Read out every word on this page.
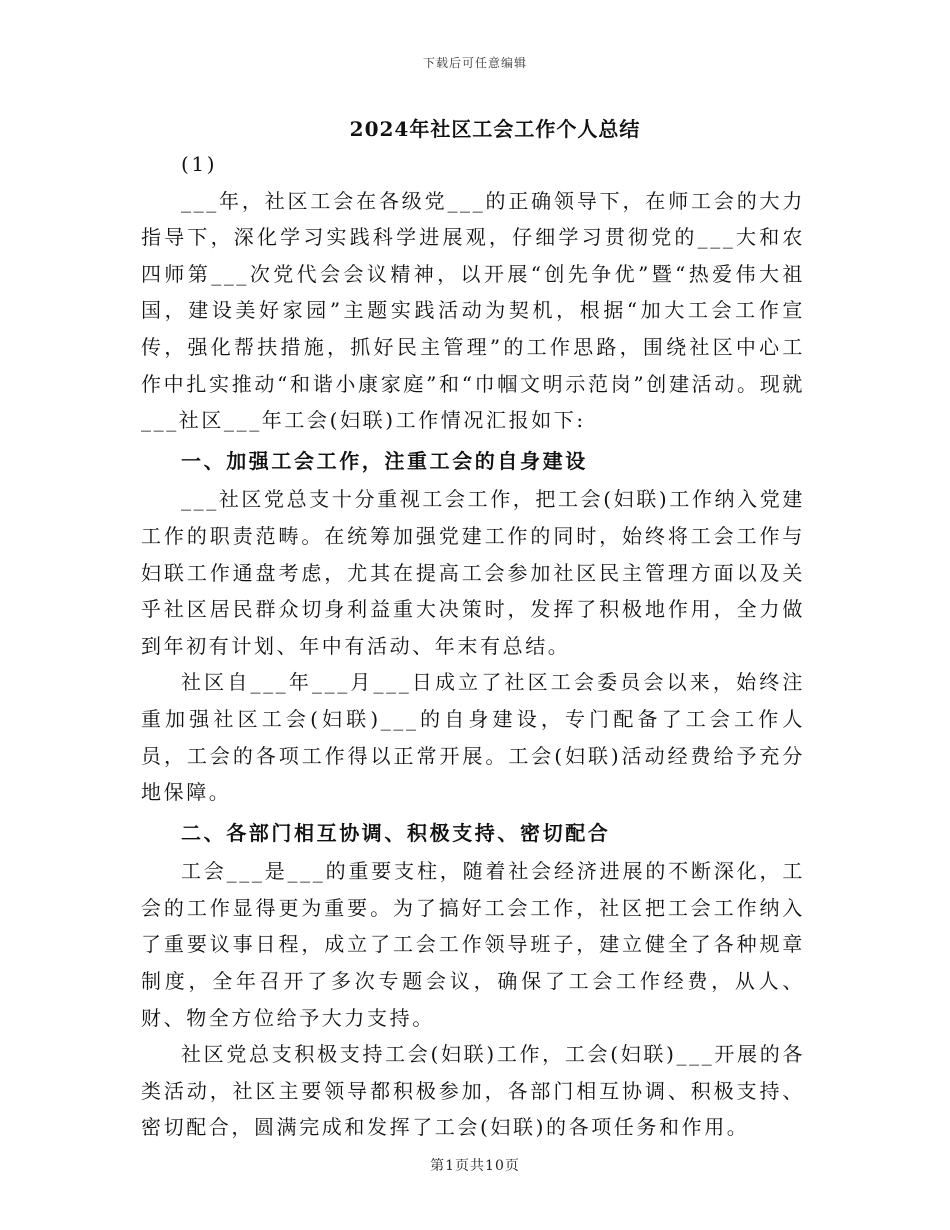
下载后可任意编辑
2024年社区工会工作个人总结

(1)

___年，社区工会在各级党___的正确领导下，在师工会的大力指导下，深化学习实践科学进展观，仔细学习贯彻党的___大和农四师第___次党代会会议精神，以开展“创先争优”暨“热爱伟大祖国，建设美好家园”主题实践活动为契机，根据“加大工会工作宣传，强化帮扶措施，抓好民主管理”的工作思路，围绕社区中心工作中扎实推动“和谐小康家庭”和“巾帼文明示范岗”创建活动。现就___社区___年工会(妇联)工作情况汇报如下:

一、加强工会工作，注重工会的自身建设

___社区党总支十分重视工会工作，把工会(妇联)工作纳入党建工作的职责范畴。在统筹加强党建工作的同时，始终将工会工作与妇联工作通盘考虑，尤其在提高工会参加社区民主管理方面以及关乎社区居民群众切身利益重大决策时，发挥了积极地作用，全力做到年初有计划、年中有活动、年末有总结。

社区自___年___月___日成立了社区工会委员会以来，始终注重加强社区工会(妇联)___的自身建设，专门配备了工会工作人员，工会的各项工作得以正常开展。工会(妇联)活动经费给予充分地保障。

二、各部门相互协调、积极支持、密切配合

工会___是___的重要支柱，随着社会经济进展的不断深化，工会的工作显得更为重要。为了搞好工会工作，社区把工会工作纳入了重要议事日程，成立了工会工作领导班子，建立健全了各种规章制度，全年召开了多次专题会议，确保了工会工作经费，从人、财、物全方位给予大力支持。

社区党总支积极支持工会(妇联)工作，工会(妇联)___开展的各类活动，社区主要领导都积极参加，各部门相互协调、积极支持、密切配合，圆满完成和发挥了工会(妇联)的各项任务和作用。

第1页共10页
